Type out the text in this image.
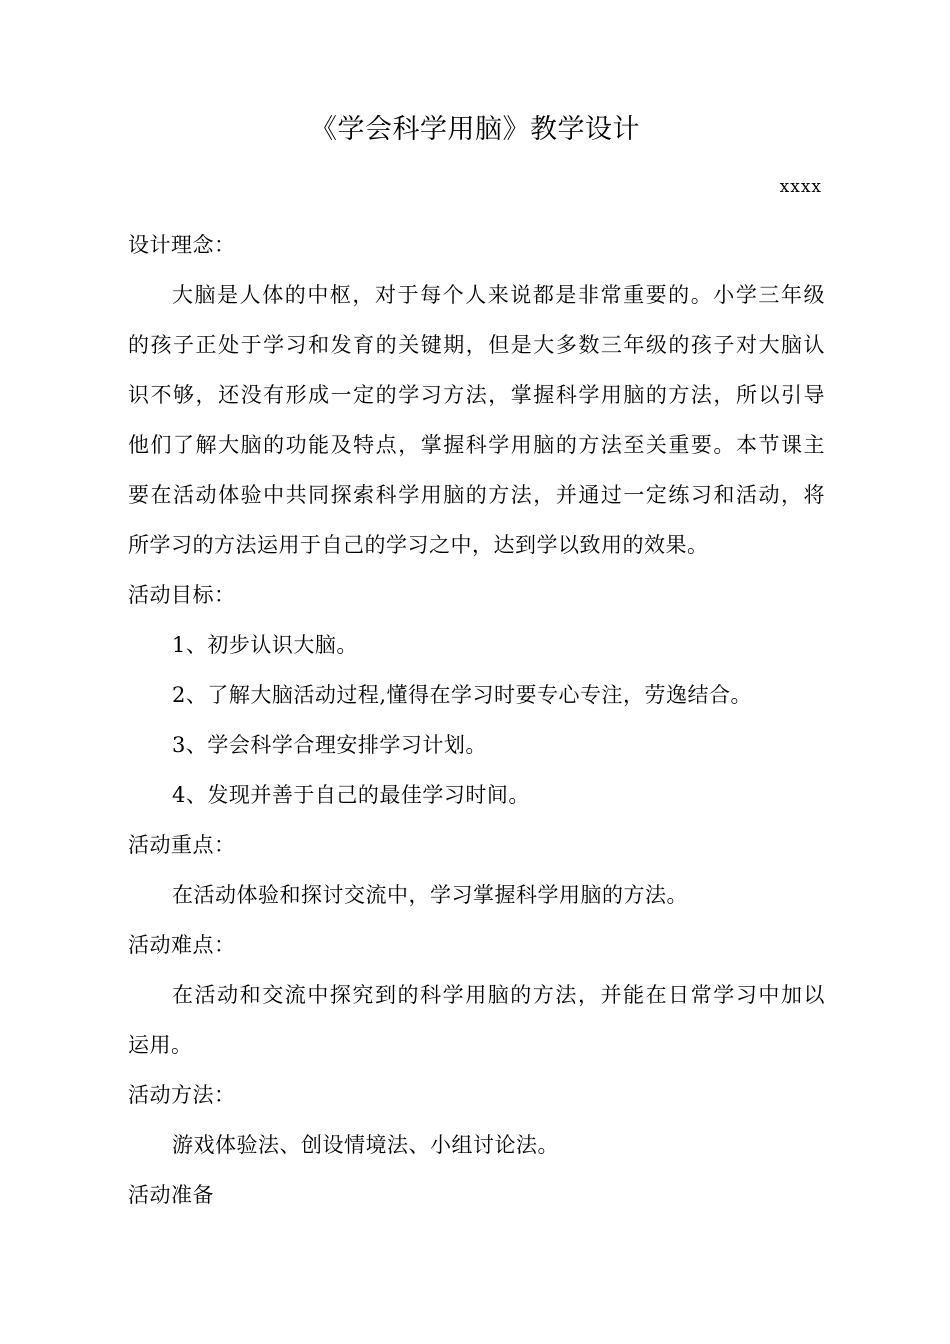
《学会科学用脑》教学设计
xxxx
设计理念：
大脑是人体的中枢，对于每个人来说都是非常重要的。小学三年级
的孩子正处于学习和发育的关键期，但是大多数三年级的孩子对大脑认
识不够，还没有形成一定的学习方法，掌握科学用脑的方法，所以引导
他们了解大脑的功能及特点，掌握科学用脑的方法至关重要。本节课主
要在活动体验中共同探索科学用脑的方法，并通过一定练习和活动，将
所学习的方法运用于自己的学习之中，达到学以致用的效果。
活动目标：
1、初步认识大脑。
2、了解大脑活动过程,懂得在学习时要专心专注，劳逸结合。
3、学会科学合理安排学习计划。
4、发现并善于自己的最佳学习时间。
活动重点：
在活动体验和探讨交流中，学习掌握科学用脑的方法。
活动难点：
在活动和交流中探究到的科学用脑的方法，并能在日常学习中加以
运用。
活动方法：
游戏体验法、创设情境法、小组讨论法。
活动准备
